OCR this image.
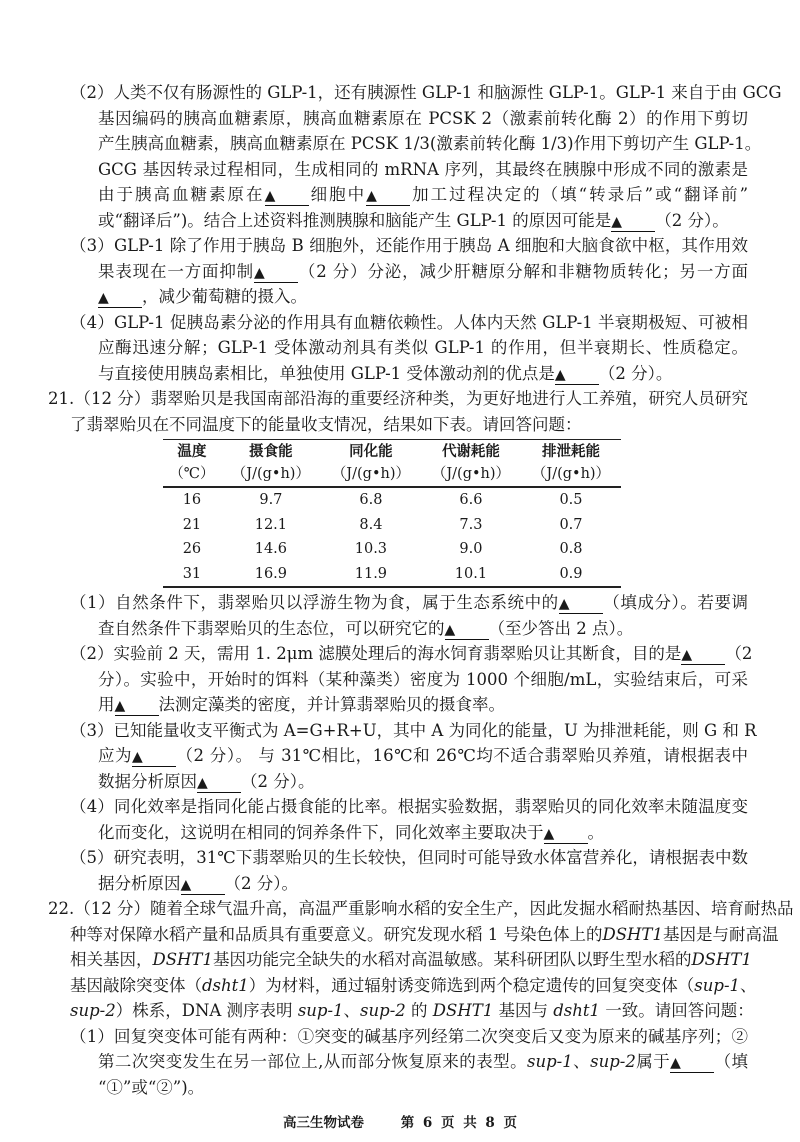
（2）人类不仅有肠源性的 GLP-1，还有胰源性 GLP-1 和脑源性 GLP-1。GLP-1 来自于由 GCG
基因编码的胰高血糖素原，胰高血糖素原在 PCSK 2（激素前转化酶 2）的作用下剪切
产生胰高血糖素，胰高血糖素原在 PCSK 1/3(激素前转化酶 1/3)作用下剪切产生 GLP-1。
GCG 基因转录过程相同，生成相同的 mRNA 序列，其最终在胰腺中形成不同的激素是
由于胰高血糖素原在▲ 细胞中▲ 加工过程决定的（填“转录后”或“翻译前”
或“翻译后”)。结合上述资料推测胰腺和脑能产生 GLP-1 的原因可能是▲ （2 分）。
（3）GLP-1 除了作用于胰岛 B 细胞外，还能作用于胰岛 A 细胞和大脑食欲中枢，其作用效
果表现在一方面抑制▲ （2 分）分泌，减少肝糖原分解和非糖物质转化；另一方面
▲ ，减少葡萄糖的摄入。
（4）GLP-1 促胰岛素分泌的作用具有血糖依赖性。人体内天然 GLP-1 半衰期极短、可被相
应酶迅速分解；GLP-1 受体激动剂具有类似 GLP-1 的作用，但半衰期长、性质稳定。
与直接使用胰岛素相比，单独使用 GLP-1 受体激动剂的优点是▲ （2 分）。
21.（12 分）翡翠贻贝是我国南部沿海的重要经济种类，为更好地进行人工养殖，研究人员研究
了翡翠贻贝在不同温度下的能量收支情况，结果如下表。请回答问题：
温度	摄食能	同化能	代谢耗能	排泄耗能
（℃）	（J/(g•h)）	（J/(g•h)）	（J/(g•h)）	（J/(g•h)）
16	9.7	6.8	6.6	0.5
21	12.1	8.4	7.3	0.7
26	14.6	10.3	9.0	0.8
31	16.9	11.9	10.1	0.9
（1）自然条件下，翡翠贻贝以浮游生物为食，属于生态系统中的▲ （填成分）。若要调
查自然条件下翡翠贻贝的生态位，可以研究它的▲ （至少答出 2 点）。
（2）实验前 2 天，需用 1. 2μm 滤膜处理后的海水饲育翡翠贻贝让其断食，目的是▲ （2
分）。实验中，开始时的饵料（某种藻类）密度为 1000 个细胞/mL，实验结束后，可采
用▲ 法测定藻类的密度，并计算翡翠贻贝的摄食率。
（3）已知能量收支平衡式为 A=G+R+U，其中 A 为同化的能量，U 为排泄耗能，则 G 和 R
应为▲ （2 分）。 与 31℃相比，16℃和 26℃均不适合翡翠贻贝养殖，请根据表中
数据分析原因▲ （2 分）。
（4）同化效率是指同化能占摄食能的比率。根据实验数据，翡翠贻贝的同化效率未随温度变
化而变化，这说明在相同的饲养条件下，同化效率主要取决于▲ 。
（5）研究表明，31℃下翡翠贻贝的生长较快，但同时可能导致水体富营养化，请根据表中数
据分析原因▲ （2 分）。
22.（12 分）随着全球气温升高，高温严重影响水稻的安全生产，因此发掘水稻耐热基因、培育耐热品
种等对保障水稻产量和品质具有重要意义。研究发现水稻 1 号染色体上的DSHT1基因是与耐高温
相关基因，DSHT1基因功能完全缺失的水稻对高温敏感。某科研团队以野生型水稻的DSHT1
基因敲除突变体（dsht1）为材料，通过辐射诱变筛选到两个稳定遗传的回复突变体（sup-1、
sup-2）株系，DNA 测序表明 sup-1、sup-2 的 DSHT1 基因与 dsht1 一致。请回答问题：
（1）回复突变体可能有两种：①突变的碱基序列经第二次突变后又变为原来的碱基序列；②
第二次突变发生在另一部位上,从而部分恢复原来的表型。sup-1、sup-2属于▲ （填
“①”或“②”)。
高三生物试卷	第 6 页 共 8 页
